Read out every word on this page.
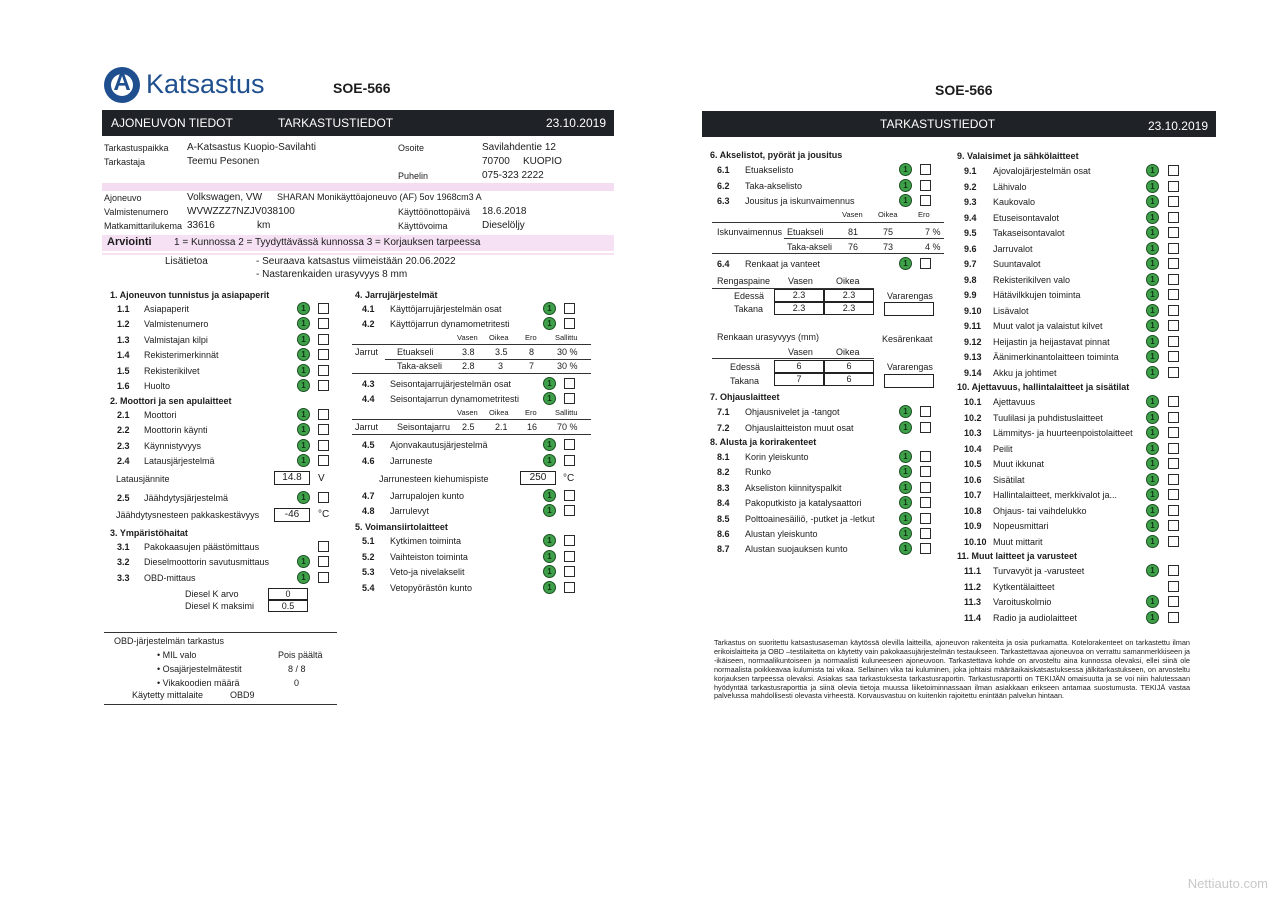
A Katsastus	SOE-566
AJONEUVON TIEDOT	TARKASTUSTIEDOT	23.10.2019
Tarkastuspaikka A-Katsastus Kuopio-Savilahti
Tarkastaja	Teemu Pesonen
Osoite	Savilahdentie 12
70700 KUOPIO
Puhelin	075-323 2222
Ajoneuvo	Volkswagen, VW SHARAN Monikäyttöajoneuvo (AF) 5ov 1968cm3 A
Valmistenumero WVWZZZ7NZJV038100	Käyttöönottopäivä 18.6.2018
Matkamittarilukema 33616	km	Käyttövoima	Dieselöljy
Arviointi 1 = Kunnossa 2 = Tyydyttävässä kunnossa 3 = Korjauksen tarpeessa
Lisätietoa	- Seuraava katsastus viimeistään 20.06.2022
- Nastarenkaiden urasyvyys 8 mm
1. Ajoneuvon tunnistus ja asiapaperit
1.1 Asiapaperit	1
1.2 Valmistenumero	1
1.3 Valmistajan kilpi	1
1.4 Rekisterimerkinnät	1
1.5 Rekisterikilvet	1
1.6 Huolto	1
2. Moottori ja sen apulaitteet
2.1 Moottori	1
2.2 Moottorin käynti	1
2.3 Käynnistyvyys	1
2.4 Latausjärjestelmä	1
2.5 Jäähdytysjärjestelmä	1
Latausjännite	14.8	V
Jäähdytysnesteen pakkaskestävyys	-46	°C
3. Ympäristöhaitat
3.1 Pakokaasujen päästömittaus
3.2 Dieselmoottorin savutusmittaus	1
3.3 OBD-mittaus	1
Diesel K arvo	0
Diesel K maksimi	0.5
4. Jarrujärjestelmät
4.1 Käyttöjarrujärjestelmän osat	1
4.2 Käyttöjarrun dynamometritesti	1
Vasen Oikea Ero Sallittu
Jarrut Etuakseli	3.8 3.5 8	30 %
Taka-akseli 2.8	3	7	30 %
4.3 Seisontajarrujärjestelmän osat	1
4.4 Seisontajarrun dynamometritesti	1
Vasen Oikea Ero Sallittu
Jarrut Seisontajarru 2.5 2.1 16 70 %
4.5 Ajonvakautusjärjestelmä	1
4.6 Jarruneste	1
Jarrunesteen kiehumispiste	250	°C
4.7 Jarrupalojen kunto	1
4.8 Jarrulevyt	1
5. Voimansiirtolaitteet
5.1 Kytkimen toiminta	1
5.2 Vaihteiston toiminta	1
5.3 Veto-ja nivelakselit	1
5.4 Vetopyörästön kunto	1
OBD-järjestelmän tarkastus
• MIL valo	Pois päältä
• Osajärjestelmätestit	8 / 8
• Vikakoodien määrä	0
Käytetty mittalaite	OBD9
SOE-566
TARKASTUSTIEDOT	23.10.2019
6. Akselistot, pyörät ja jousitus
6.1 Etuakselisto	1
6.2 Taka-akselisto	1
6.3 Jousitus ja iskunvaimennus	1
Vasen Oikea	Ero
Iskunvaimennus Etuakseli	81	75	7 %
Taka-akseli 76	73	4 %
6.4 Renkaat ja vanteet	1
Rengaspaine Vasen	Oikea
Edessä	2.3	2.3
Takana	2.3	2.3
Vararengas
Renkaan urasyvyys (mm)	Kesärenkaat
Vasen	Oikea
Edessä	6	6
Takana	7	6
Vararengas
7. Ohjauslaitteet
7.1 Ohjausnivelet ja -tangot	1
7.2 Ohjauslaitteiston muut osat	1
8. Alusta ja korirakenteet
8.1 Korin yleiskunto	1
8.2 Runko	1
8.3 Akseliston kiinnityspalkit	1
8.4 Pakoputkisto ja katalysaattori	1
8.5 Polttoainesäiliö, -putket ja -letkut	1
8.6 Alustan yleiskunto	1
8.7 Alustan suojauksen kunto	1
9. Valaisimet ja sähkölaitteet
9.1 Ajovalojärjestelmän osat	1
9.2 Lähivalo	1
9.3 Kaukovalo	1
9.4 Etuseisontavalot	1
9.5 Takaseisontavalot	1
9.6 Jarruvalot	1
9.7 Suuntavalot	1
9.8 Rekisterikilven valo	1
9.9 Hätävilkkujen toiminta	1
9.10 Lisävalot	1
9.11 Muut valot ja valaistut kilvet	1
9.12 Heijastin ja heijastavat pinnat	1
9.13 Äänimerkinantolaitteen toiminta	1
9.14 Akku ja johtimet	1
10. Ajettavuus, hallintalaitteet ja sisätilat
10.1 Ajettavuus	1
10.2 Tuulilasi ja puhdistuslaitteet	1
10.3 Lämmitys- ja huurteenpoistolaitteet	1
10.4 Peilit	1
10.5 Muut ikkunat	1
10.6 Sisätilat	1
10.7 Hallintalaitteet, merkkivalot ja...	1
10.8 Ohjaus- tai vaihdelukko	1
10.9 Nopeusmittari	1
10.10 Muut mittarit	1
11. Muut laitteet ja varusteet
11.1 Turvavyöt ja -varusteet	1
11.2 Kytkentälaitteet
11.3 Varoituskolmio	1
11.4 Radio ja audiolaitteet	1
Tarkastus on suoritettu katsastusaseman käytössä olevilla laitteilla, ajoneuvon rakenteita ja osia purkamatta. Kotelorakenteet on tarkastettu ilman erikoislaitteita ja OBD –testilaitetta on käytetty vain pakokaasujärjestelmän testaukseen. Tarkastettavaa ajoneuvoa on verrattu samanmerkkiseen ja -ikäiseen, normaalikuntoiseen ja normaalisti kuluneeseen ajoneuvoon. Tarkastettava kohde on arvosteltu aina kunnossa olevaksi, ellei siinä ole normaalista poikkeavaa kulumista tai vikaa. Sellainen vika tai kuluminen, joka johtaisi määräaikaiskatsastuksessa jälkitarkastukseen, on arvosteltu korjauksen tarpeessa olevaksi. Asiakas saa tarkastuksesta tarkastusraportin. Tarkastusraportti on TEKIJÄN omaisuutta ja se voi niin halutessaan hyödyntää tarkastusraporttia ja siinä olevia tietoja muussa liiketoiminnassaan ilman asiakkaan erikseen antamaa suostumusta. TEKIJÄ vastaa palvelussa mahdollisesti olevasta virheestä. Korvausvastuu on kuitenkin rajoitettu enintään palvelun hintaan.
Nettiauto.com
